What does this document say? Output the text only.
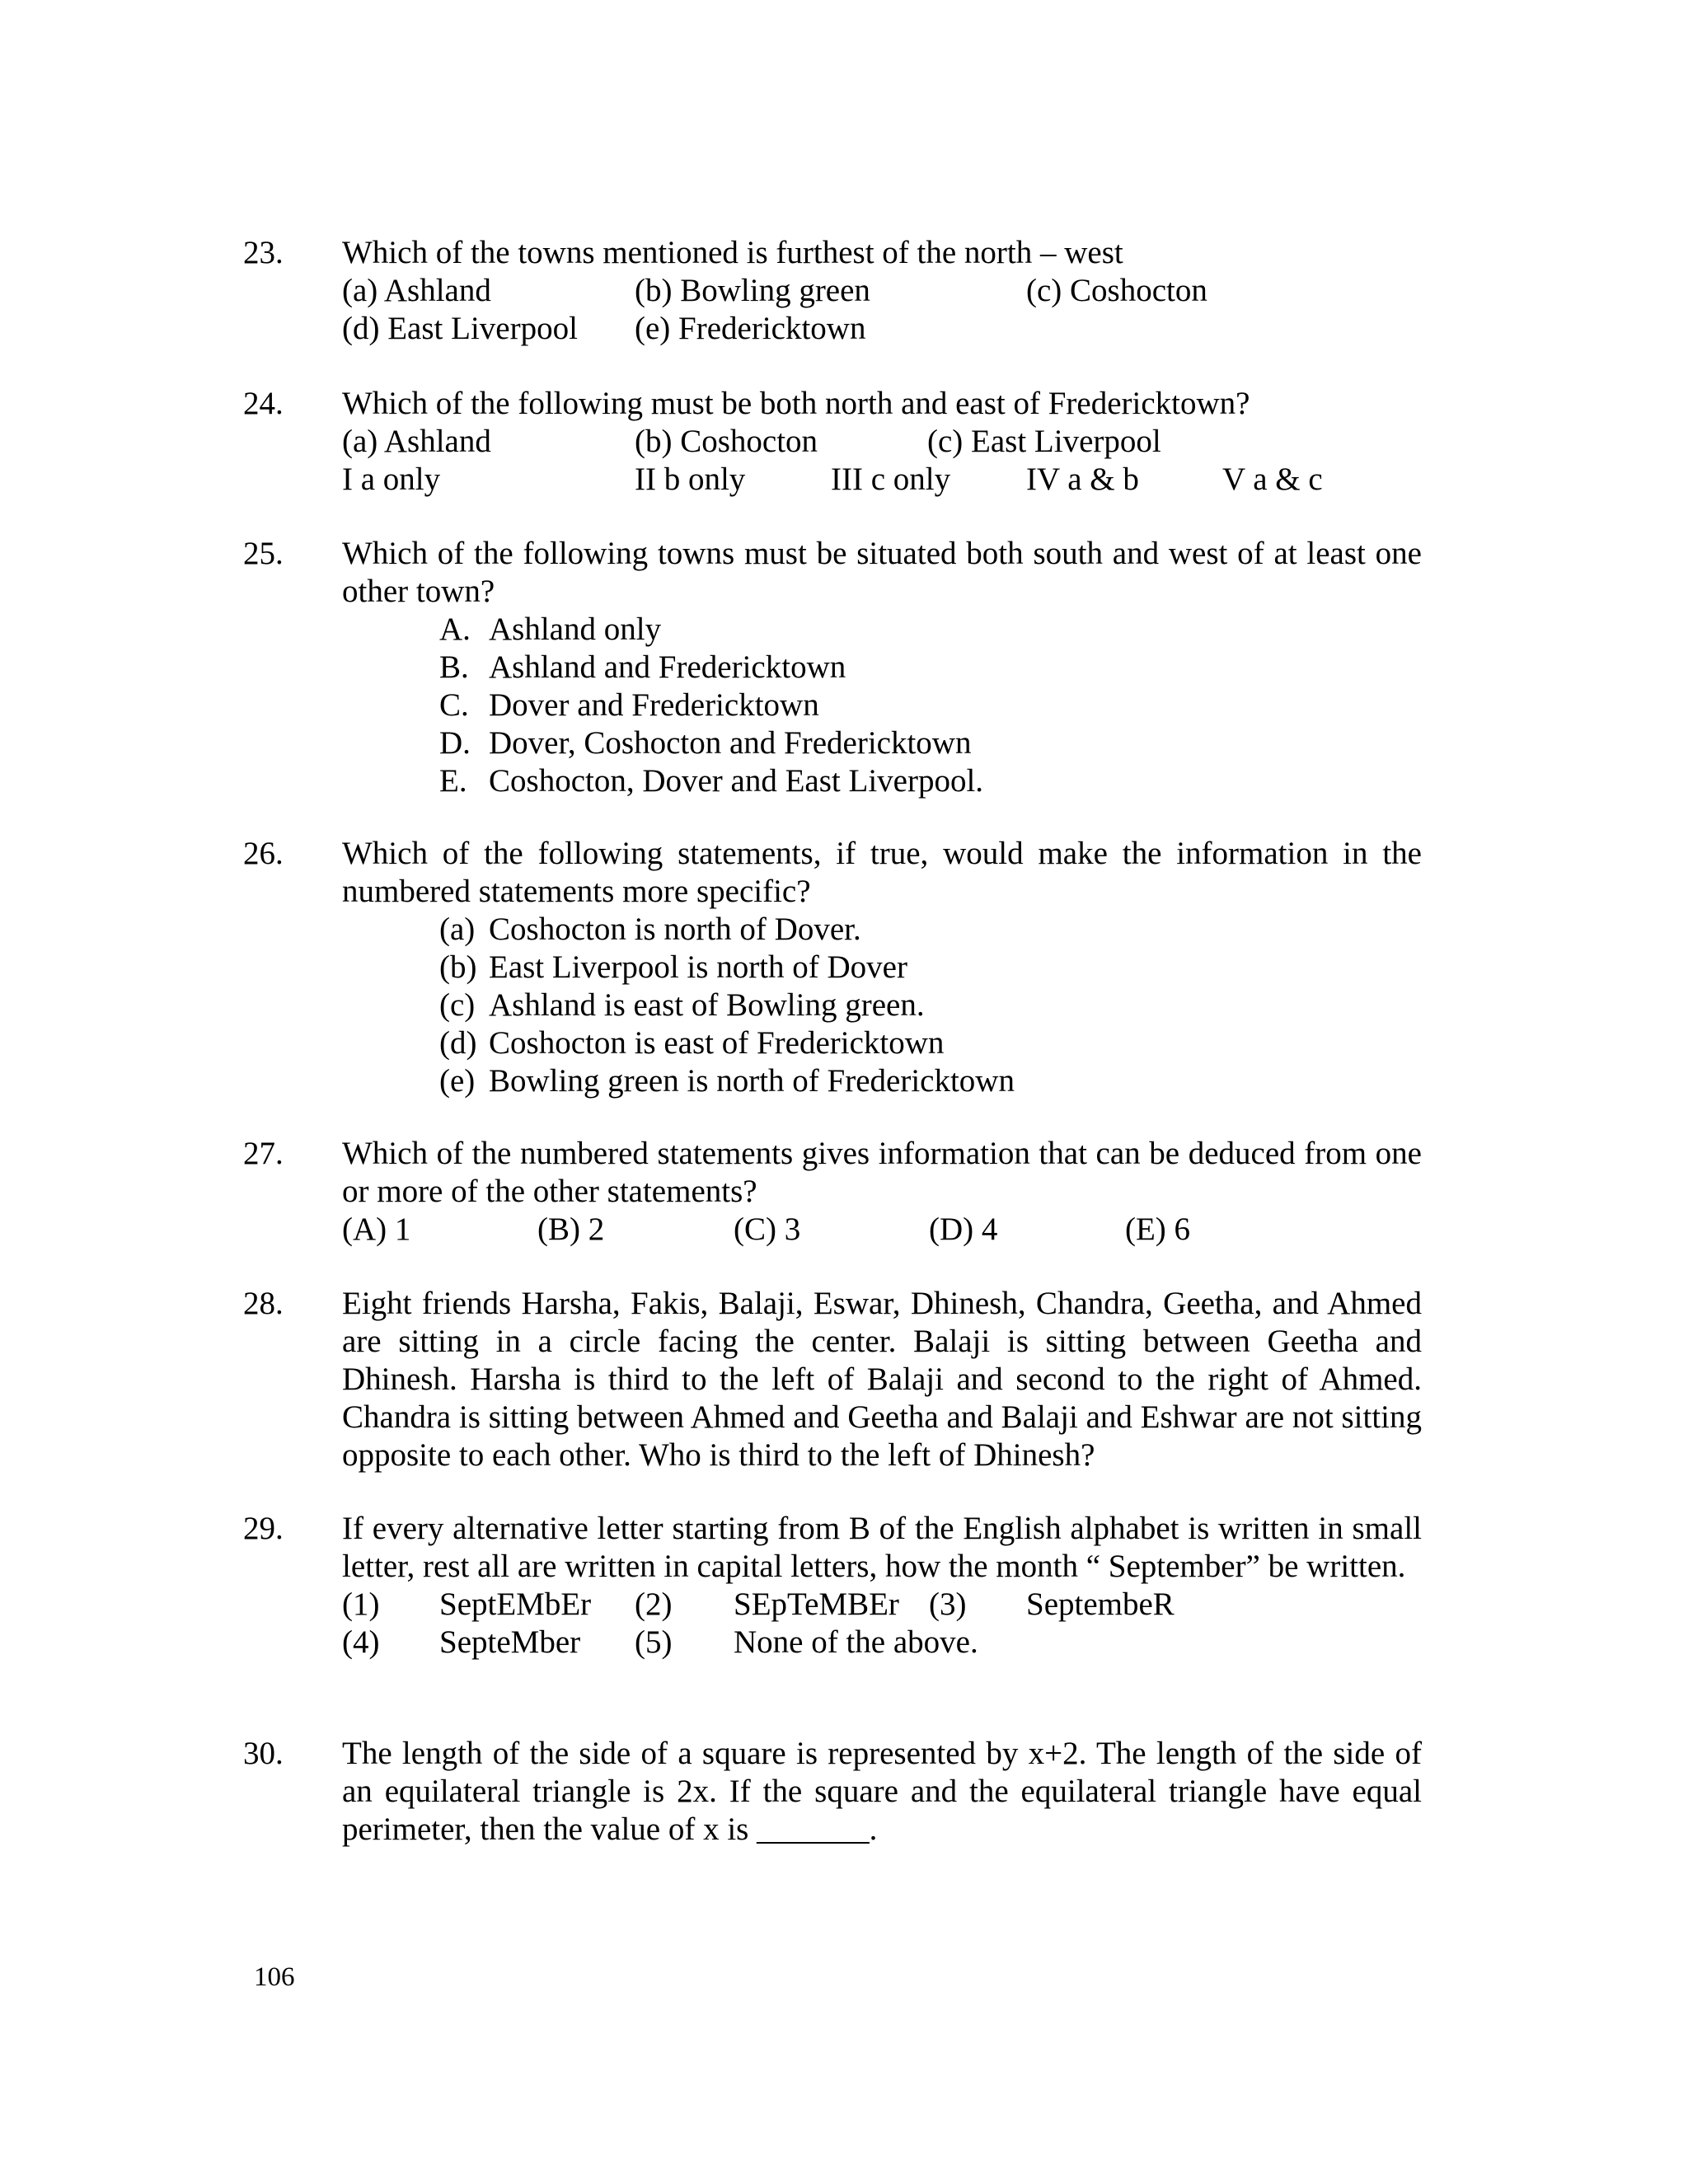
23.	Which of the towns mentioned is furthest of the north – west
(a) Ashland	(b) Bowling green	(c) Coshocton
(d) East Liverpool (e) Fredericktown
24.	Which of the following must be both north and east of Fredericktown?
(a) Ashland	(b) Coshocton	(c) East Liverpool
I a only	II b only	III c only IV a & b	V a & c
25.	Which of the following towns must be situated both south and west of at least one other town?
A. Ashland only
B. Ashland and Fredericktown
C. Dover and Fredericktown
D. Dover, Coshocton and Fredericktown
E. Coshocton, Dover and East Liverpool.
26.	Which of the following statements, if true, would make the information in the numbered statements more specific?
(a) Coshocton is north of Dover.
(b) East Liverpool is north of Dover
(c) Ashland is east of Bowling green.
(d) Coshocton is east of Fredericktown
(e) Bowling green is north of Fredericktown
27.	Which of the numbered statements gives information that can be deduced from one or more of the other statements?
(A) 1	(B) 2	(C) 3	(D) 4	(E) 6
28.	Eight friends Harsha, Fakis, Balaji, Eswar, Dhinesh, Chandra, Geetha, and Ahmed are sitting in a circle facing the center. Balaji is sitting between Geetha and Dhinesh. Harsha is third to the left of Balaji and second to the right of Ahmed. Chandra is sitting between Ahmed and Geetha and Balaji and Eshwar are not sitting opposite to each other. Who is third to the left of Dhinesh?
29.	If every alternative letter starting from B of the English alphabet is written in small letter, rest all are written in capital letters, how the month “ September” be written.
(1) SeptEMbEr (2) SEpTeMBEr (3) SeptembeR
(4) SepteMber (5) None of the above.
30.	The length of the side of a square is represented by x+2. The length of the side of an equilateral triangle is 2x. If the square and the equilateral triangle have equal perimeter, then the value of x is _______.
106
